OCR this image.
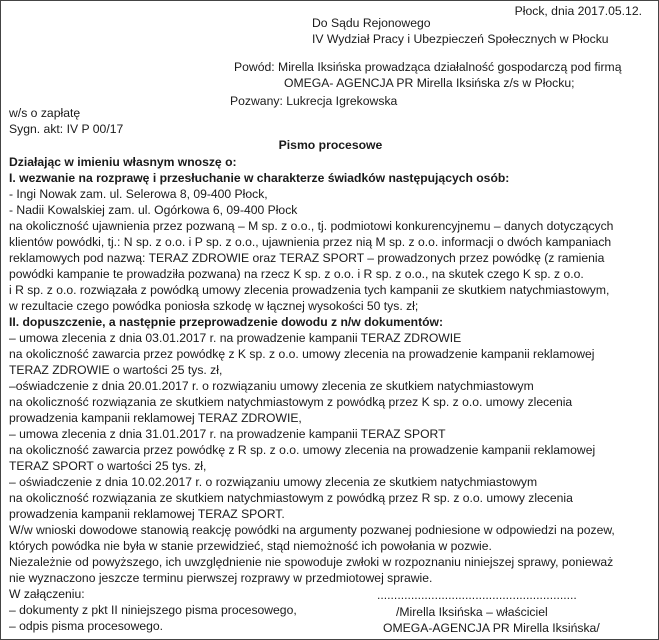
Płock, dnia 2017.05.12.
Do Sądu Rejonowego
IV Wydział Pracy i Ubezpieczeń Społecznych w Płocku
Powód: Mirella Iksińska prowadząca działalność gospodarczą pod firmą
OMEGA- AGENCJA PR Mirella Iksińska z/s w Płocku;
Pozwany: Lukrecja Igrekowska
w/s o zapłatę
Sygn. akt: IV P 00/17
Pismo procesowe
Działając w imieniu własnym wnoszę o:
I. wezwanie na rozprawę i przesłuchanie w charakterze świadków następujących osób:
- Ingi Nowak zam. ul. Selerowa 8, 09-400 Płock,
- Nadii Kowalskiej zam. ul. Ogórkowa 6, 09-400 Płock
na okoliczność ujawnienia przez pozwaną – M sp. z o.o., tj. podmiotowi konkurencyjnemu – danych dotyczących
klientów powódki, tj.: N sp. z o.o. i P sp. z o.o., ujawnienia przez nią M sp. z o.o. informacji o dwóch kampaniach
reklamowych pod nazwą: TERAZ ZDROWIE oraz TERAZ SPORT – prowadzonych przez powódkę (z ramienia
powódki kampanie te prowadziła pozwana) na rzecz K sp. z o.o. i R sp. z o.o., na skutek czego K sp. z o.o.
i R sp. z o.o. rozwiązała z powódką umowy zlecenia prowadzenia tych kampanii ze skutkiem natychmiastowym,
w rezultacie czego powódka poniosła szkodę w łącznej wysokości 50 tys. zł;
II. dopuszczenie, a następnie przeprowadzenie dowodu z n/w dokumentów:
– umowa zlecenia z dnia 03.01.2017 r. na prowadzenie kampanii TERAZ ZDROWIE
na okoliczność zawarcia przez powódkę z K sp. z o.o. umowy zlecenia na prowadzenie kampanii reklamowej
TERAZ ZDROWIE o wartości 25 tys. zł,
–oświadczenie z dnia 20.01.2017 r. o rozwiązaniu umowy zlecenia ze skutkiem natychmiastowym
na okoliczność rozwiązania ze skutkiem natychmiastowym z powódką przez K sp. z o.o. umowy zlecenia
prowadzenia kampanii reklamowej TERAZ ZDROWIE,
– umowa zlecenia z dnia 31.01.2017 r. na prowadzenie kampanii TERAZ SPORT
na okoliczność zawarcia przez powódkę z R sp. z o.o. umowy zlecenia na prowadzenie kampanii reklamowej
TERAZ SPORT o wartości 25 tys. zł,
– oświadczenie z dnia 10.02.2017 r. o rozwiązaniu umowy zlecenia ze skutkiem natychmiastowym
na okoliczność rozwiązania ze skutkiem natychmiastowym z powódką przez R sp. z o.o. umowy zlecenia
prowadzenia kampanii reklamowej TERAZ SPORT.
W/w wnioski dowodowe stanowią reakcję powódki na argumenty pozwanej podniesione w odpowiedzi na pozew,
których powódka nie była w stanie przewidzieć, stąd niemożność ich powołania w pozwie.
Niezależnie od powyższego, ich uwzględnienie nie spowoduje zwłoki w rozpoznaniu niniejszej sprawy, ponieważ
nie wyznaczono jeszcze terminu pierwszej rozprawy w przedmiotowej sprawie.
W załączeniu:
– dokumenty z pkt II niniejszego pisma procesowego,
– odpis pisma procesowego.
...........................................................
/Mirella Iksińska – właściciel
OMEGA-AGENCJA PR Mirella Iksińska/
